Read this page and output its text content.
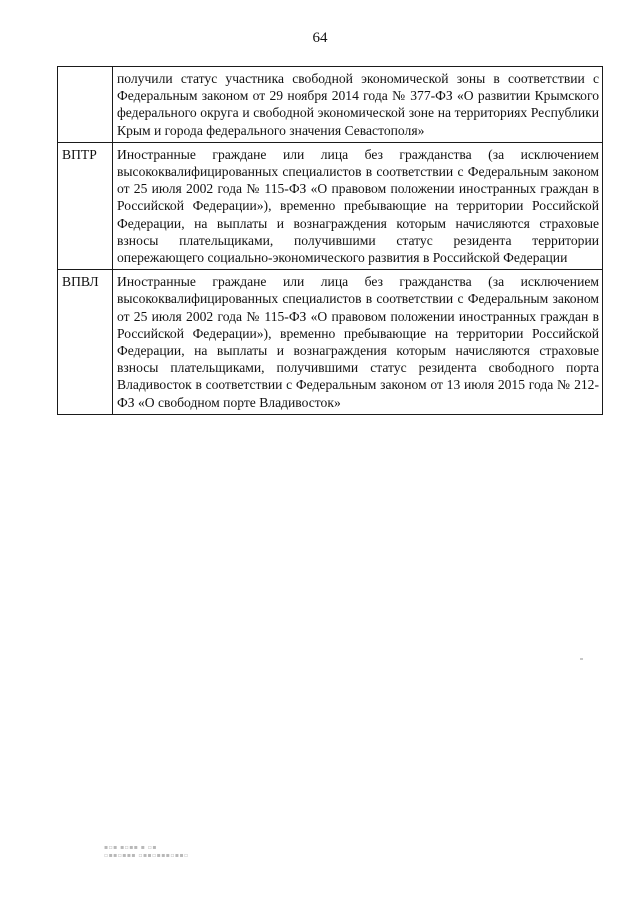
64
	получили статус участника свободной экономической зоны в соответствии с Федеральным законом от 29 ноября 2014 года № 377-ФЗ «О развитии Крымского федерального округа и свободной экономической зоне на территориях Республики Крым и города федерального значения Севастополя»
ВПТР	Иностранные граждане или лица без гражданства (за исключением высококвалифицированных специалистов в соответствии с Федеральным законом от 25 июля 2002 года № 115-ФЗ «О правовом положении иностранных граждан в Российской Федерации»), временно пребывающие на территории Российской Федерации, на выплаты и вознаграждения которым начисляются страховые взносы плательщиками, получившими статус резидента территории опережающего социально-экономического развития в Российской Федерации
ВПВЛ	Иностранные граждане или лица без гражданства (за исключением высококвалифицированных специалистов в соответствии с Федеральным законом от 25 июля 2002 года № 115-ФЗ «О правовом положении иностранных граждан в Российской Федерации»), временно пребывающие на территории Российской Федерации, на выплаты и вознаграждения которым начисляются страховые взносы плательщиками, получившими статус резидента свободного порта Владивосток в соответствии с Федеральным законом от 13 июля 2015 года № 212-ФЗ «О свободном порте Владивосток»
▪▫▪ ▪▫▪▪ ▪ ▫▪
▫▪▪▫▪▪▪ ▫▪▪▫▪▪▪▫▪▪▫
